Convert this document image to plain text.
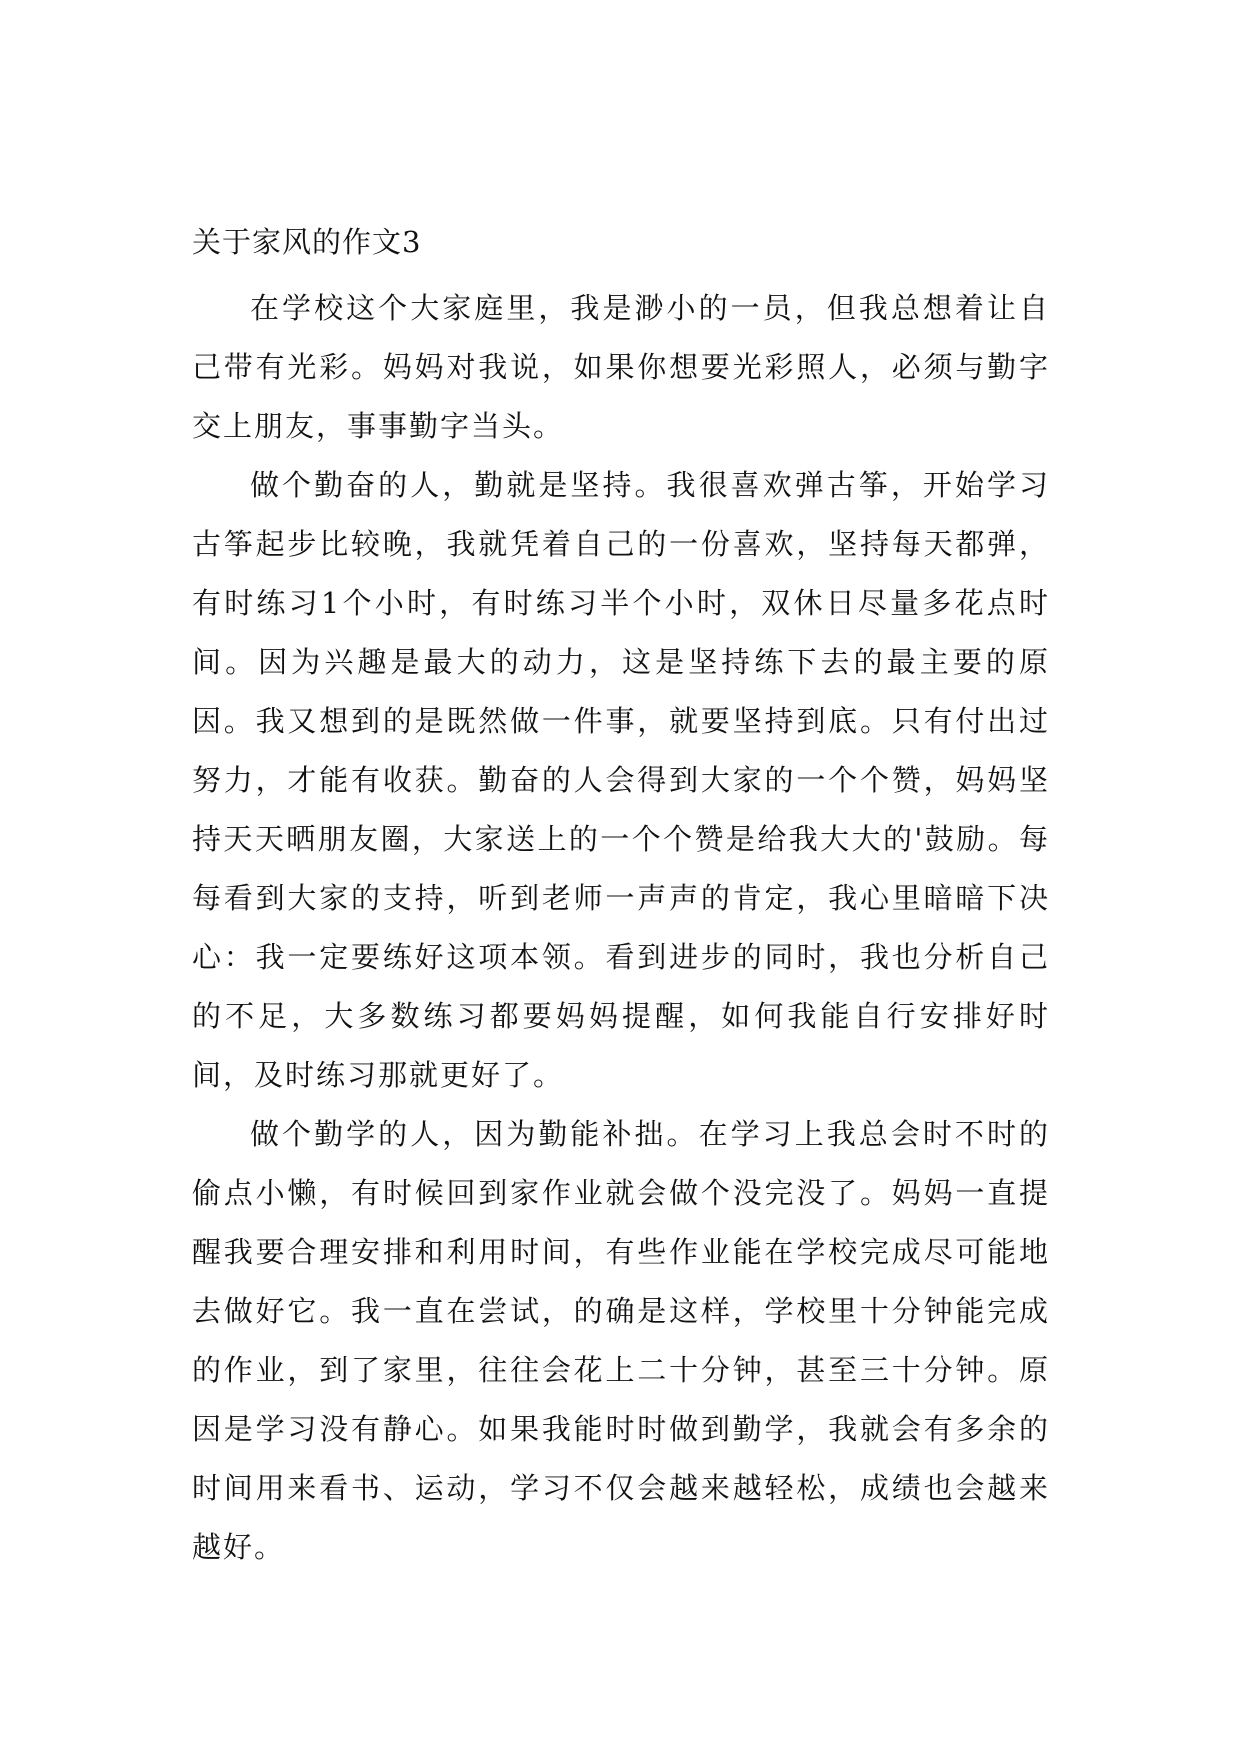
关于家风的作文3

在学校这个大家庭里，我是渺小的一员，但我总想着让自己带有光彩。妈妈对我说，如果你想要光彩照人，必须与勤字交上朋友，事事勤字当头。

做个勤奋的人，勤就是坚持。我很喜欢弹古筝，开始学习古筝起步比较晚，我就凭着自己的一份喜欢，坚持每天都弹，有时练习1个小时，有时练习半个小时，双休日尽量多花点时间。因为兴趣是最大的动力，这是坚持练下去的最主要的原因。我又想到的是既然做一件事，就要坚持到底。只有付出过努力，才能有收获。勤奋的人会得到大家的一个个赞，妈妈坚持天天晒朋友圈，大家送上的一个个赞是给我大大的'鼓励。每每看到大家的支持，听到老师一声声的肯定，我心里暗暗下决心：我一定要练好这项本领。看到进步的同时，我也分析自己的不足，大多数练习都要妈妈提醒，如何我能自行安排好时间，及时练习那就更好了。

做个勤学的人，因为勤能补拙。在学习上我总会时不时的偷点小懒，有时候回到家作业就会做个没完没了。妈妈一直提醒我要合理安排和利用时间，有些作业能在学校完成尽可能地去做好它。我一直在尝试，的确是这样，学校里十分钟能完成的作业，到了家里，往往会花上二十分钟，甚至三十分钟。原因是学习没有静心。如果我能时时做到勤学，我就会有多余的时间用来看书、运动，学习不仅会越来越轻松，成绩也会越来越好。
